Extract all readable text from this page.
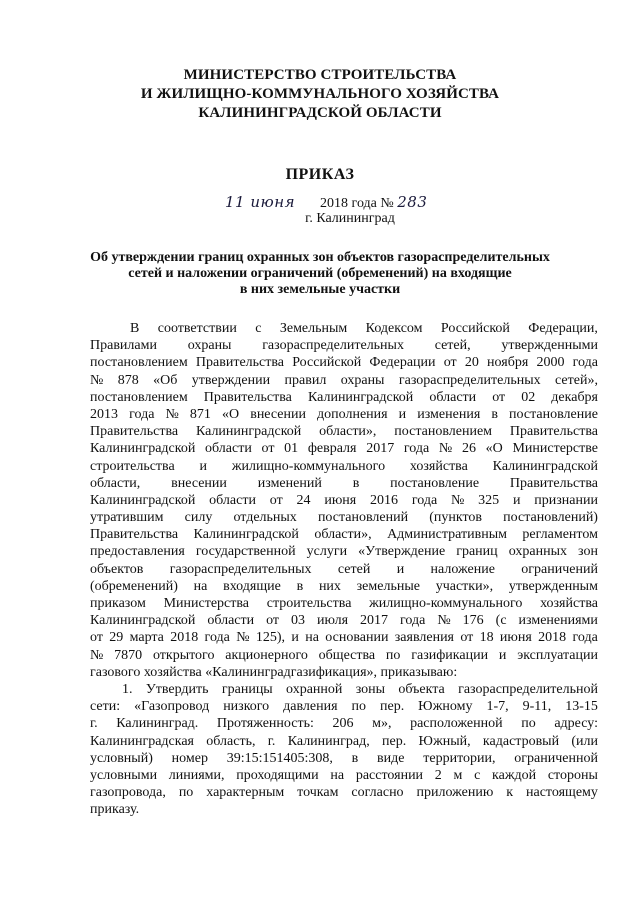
МИНИСТЕРСТВО СТРОИТЕЛЬСТВА
И ЖИЛИЩНО-КОММУНАЛЬНОГО ХОЗЯЙСТВА
КАЛИНИНГРАДСКОЙ ОБЛАСТИ
ПРИКАЗ
11 июня 2018 года № 283
г. Калининград
Об утверждении границ охранных зон объектов газораспределительных
сетей и наложении ограничений (обременений) на входящие
в них земельные участки
В соответствии с Земельным Кодексом Российской Федерации,
Правилами охраны газораспределительных сетей, утвержденными
постановлением Правительства Российской Федерации от 20 ноября 2000 года
№ 878 «Об утверждении правил охраны газораспределительных сетей»,
постановлением Правительства Калининградской области от 02 декабря
2013 года № 871 «О внесении дополнения и изменения в постановление
Правительства Калининградской области», постановлением Правительства
Калининградской области от 01 февраля 2017 года № 26 «О Министерстве
строительства и жилищно-коммунального хозяйства Калининградской
области, внесении изменений в постановление Правительства
Калининградской области от 24 июня 2016 года № 325 и признании
утратившим силу отдельных постановлений (пунктов постановлений)
Правительства Калининградской области», Административным регламентом
предоставления государственной услуги «Утверждение границ охранных зон
объектов газораспределительных сетей и наложение ограничений
(обременений) на входящие в них земельные участки», утвержденным
приказом Министерства строительства жилищно-коммунального хозяйства
Калининградской области от 03 июля 2017 года № 176 (с изменениями
от 29 марта 2018 года № 125), и на основании заявления от 18 июня 2018 года
№ 7870 открытого акционерного общества по газификации и эксплуатации
газового хозяйства «Калининградгазификация», приказываю:
1. Утвердить границы охранной зоны объекта газораспределительной
сети: «Газопровод низкого давления по пер. Южному 1-7, 9-11, 13-15
г. Калининград. Протяженность: 206 м», расположенной по адресу:
Калининградская область, г. Калининград, пер. Южный, кадастровый (или
условный) номер 39:15:151405:308, в виде территории, ограниченной
условными линиями, проходящими на расстоянии 2 м с каждой стороны
газопровода, по характерным точкам согласно приложению к настоящему
приказу.
